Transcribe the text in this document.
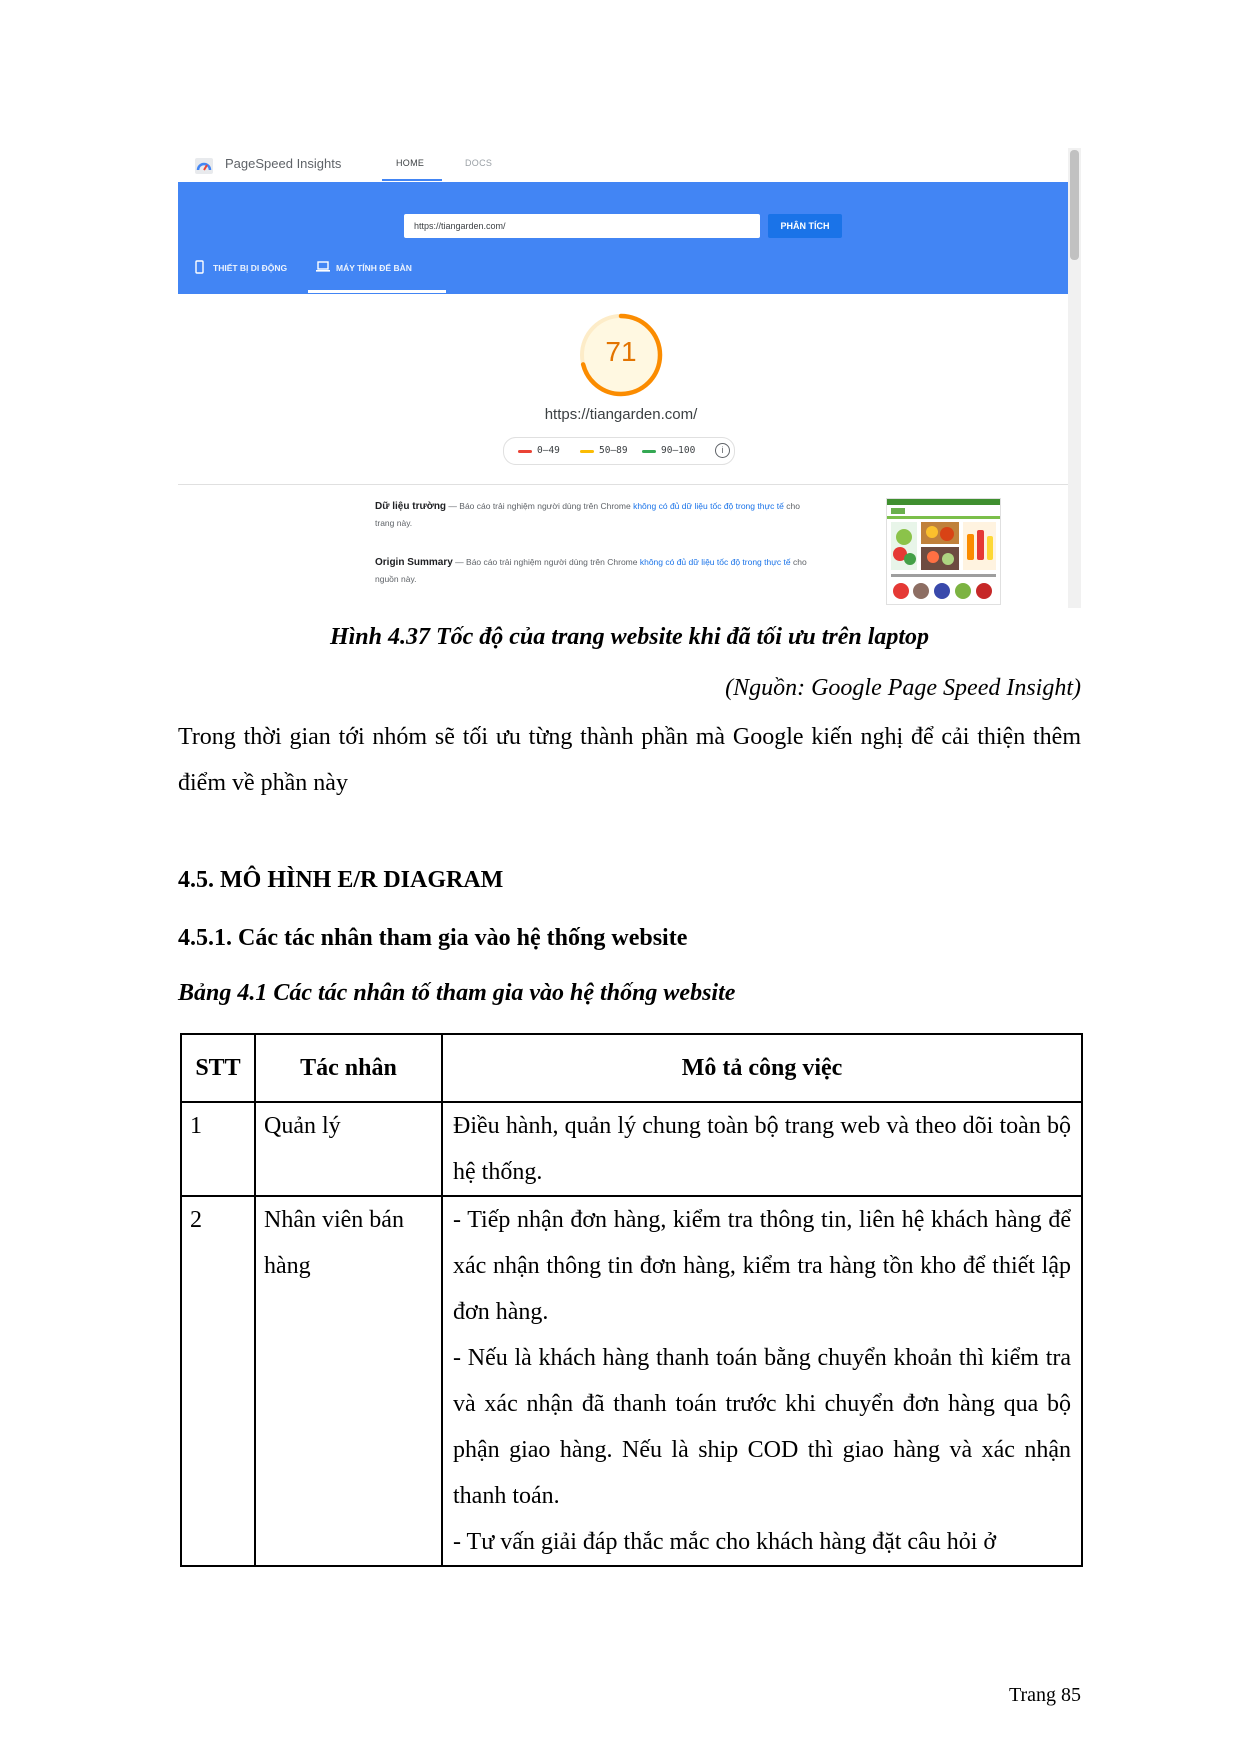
PageSpeed Insights	HOME	DOCS
https://tiangarden.com/	PHÂN TÍCH
THIẾT BỊ DI ĐỘNG	MÁY TÍNH ĐỂ BÀN
71
https://tiangarden.com/
0–49	50–89	90–100	i
Dữ liệu trường — Báo cáo trải nghiệm người dùng trên Chrome không có đủ dữ liệu tốc độ trong thực tế cho trang này.
Origin Summary — Báo cáo trải nghiệm người dùng trên Chrome không có đủ dữ liệu tốc độ trong thực tế cho nguồn này.
Hình 4.37 Tốc độ của trang website khi đã tối ưu trên laptop
(Nguồn: Google Page Speed Insight)
Trong thời gian tới nhóm sẽ tối ưu từng thành phần mà Google kiến nghị để cải thiện thêm điểm về phần này
4.5. MÔ HÌNH E/R DIAGRAM
4.5.1. Các tác nhân tham gia vào hệ thống website
Bảng 4.1 Các tác nhân tố tham gia vào hệ thống website
STT	Tác nhân	Mô tả công việc
1	Quản lý	Điều hành, quản lý chung toàn bộ trang web và theo dõi toàn bộ hệ thống.

2	Nhân viên bán hàng	- Tiếp nhận đơn hàng, kiểm tra thông tin, liên hệ khách hàng để xác nhận thông tin đơn hàng, kiểm tra hàng tồn kho để thiết lập đơn hàng.
- Nếu là khách hàng thanh toán bằng chuyển khoản thì kiểm tra và xác nhận đã thanh toán trước khi chuyển đơn hàng qua bộ phận giao hàng. Nếu là ship COD thì giao hàng và xác nhận thanh toán.
- Tư vấn giải đáp thắc mắc cho khách hàng đặt câu hỏi ở
Trang 85
